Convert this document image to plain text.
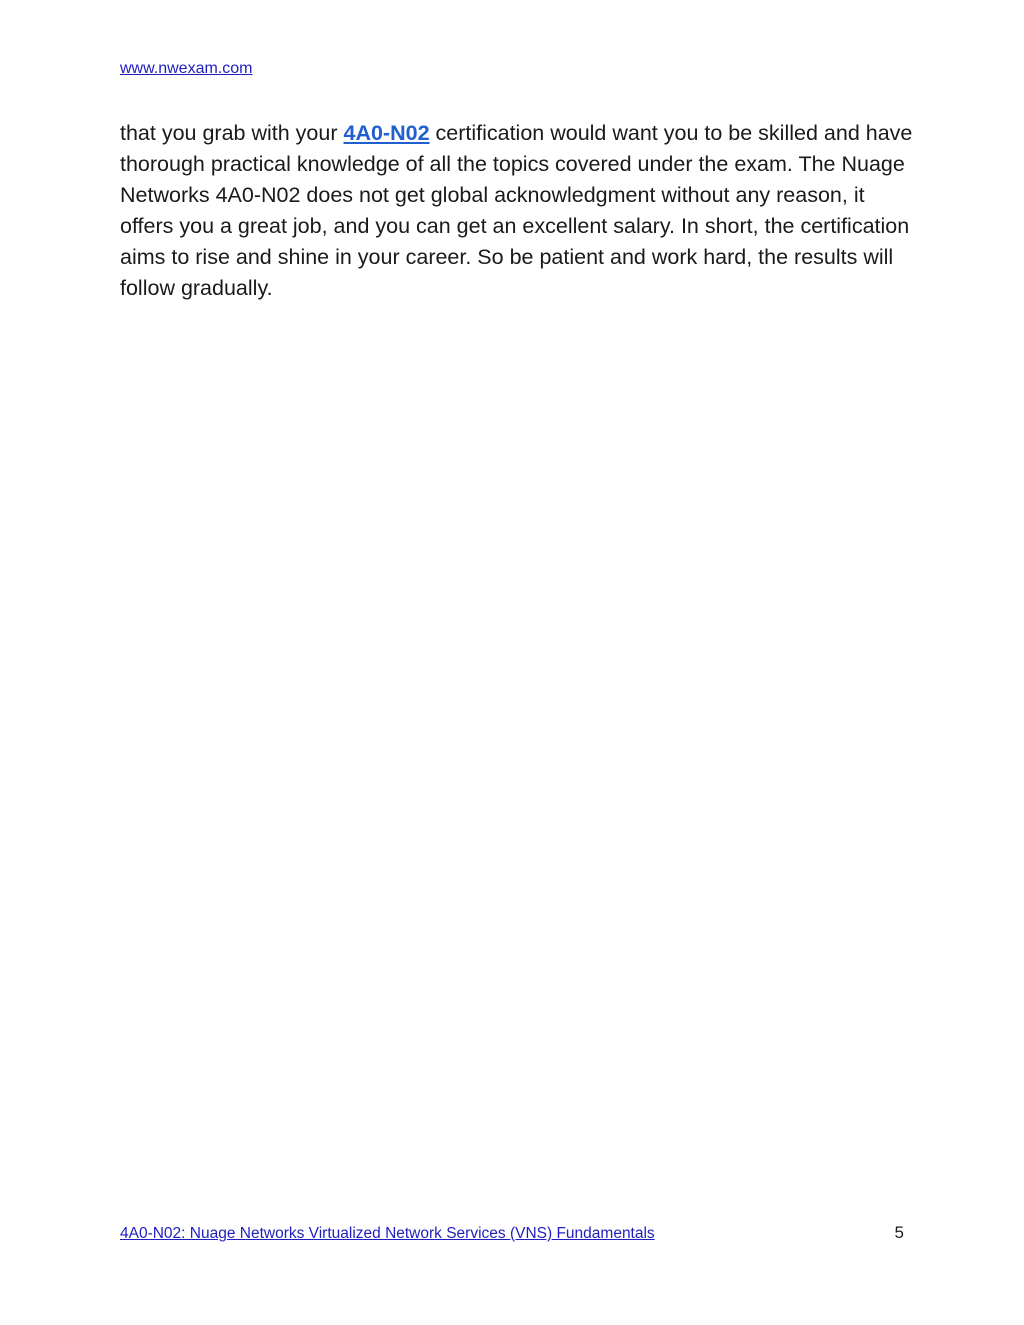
www.nwexam.com

that you grab with your 4A0-N02 certification would want you to be skilled and have thorough practical knowledge of all the topics covered under the exam. The Nuage Networks 4A0-N02 does not get global acknowledgment without any reason, it offers you a great job, and you can get an excellent salary. In short, the certification aims to rise and shine in your career. So be patient and work hard, the results will follow gradually.

4A0-N02: Nuage Networks Virtualized Network Services (VNS) Fundamentals	5
